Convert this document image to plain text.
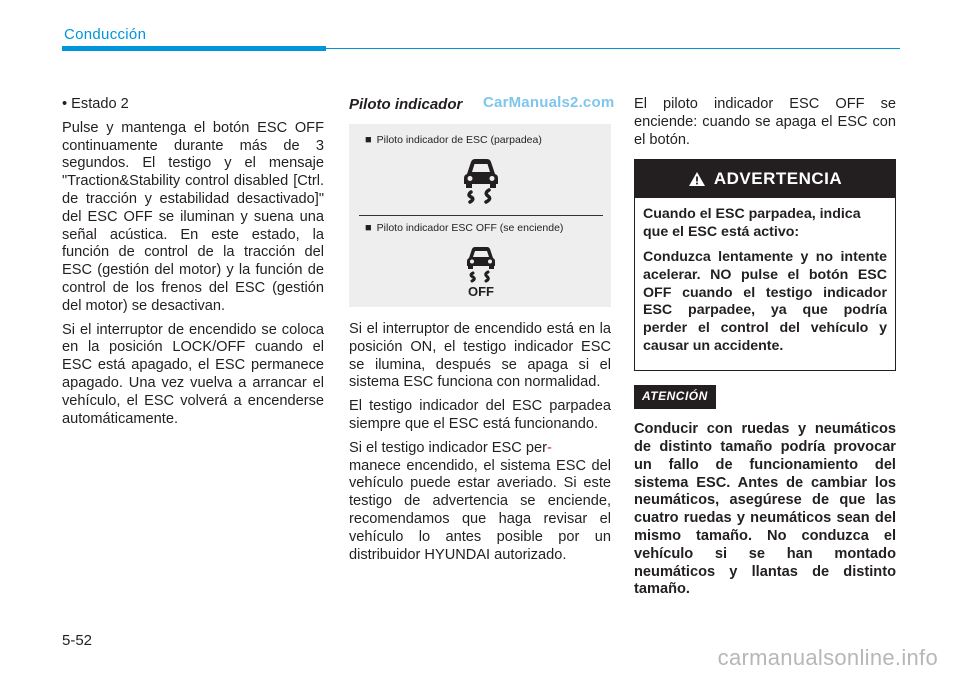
Conducción

• Estado 2

Pulse y mantenga el botón ESC OFF continuamente durante más de 3 segundos. El testigo y el mensaje "Traction&Stability control disabled [Ctrl. de tracción y estabilidad desactivado]" del ESC OFF se iluminan y suena una señal acústica. En este estado, la función de control de la tracción del ESC (gestión del motor) y la función de control de los frenos del ESC (gestión del motor) se desactivan.

Si el interruptor de encendido se coloca en la posición LOCK/OFF cuando el ESC está apagado, el ESC permanece apagado. Una vez vuelva a arrancar el vehículo, el ESC volverá a encenderse automáticamente.

Piloto indicador CarManuals2.com
■ Piloto indicador de ESC (parpadea)
■ Piloto indicador ESC OFF (se enciende)
OFF

Si el interruptor de encendido está en la posición ON, el testigo indicador ESC se ilumina, después se apaga si el sistema ESC funciona con normalidad.

El testigo indicador del ESC parpadea siempre que el ESC está funcionando.

Si el testigo indicador ESC per-
manece encendido, el sistema ESC del vehículo puede estar averiado. Si este testigo de advertencia se enciende, recomendamos que haga revisar el vehículo lo antes posible por un distribuidor HYUNDAI autorizado.

El piloto indicador ESC OFF se enciende: cuando se apaga el ESC con el botón.

ADVERTENCIA

Cuando el ESC parpadea, indica que el ESC está activo:

Conduzca lentamente y no intente acelerar. NO pulse el botón ESC OFF cuando el testigo indicador ESC parpadee, ya que podría perder el control del vehículo y causar un accidente.

ATENCIÓN

Conducir con ruedas y neumáticos de distinto tamaño podría provocar un fallo de funcionamiento del sistema ESC. Antes de cambiar los neumáticos, asegúrese de que las cuatro ruedas y neumáticos sean del mismo tamaño. No conduzca el vehículo si se han montado neumáticos y llantas de distinto tamaño.

5-52
carmanualsonline.info
